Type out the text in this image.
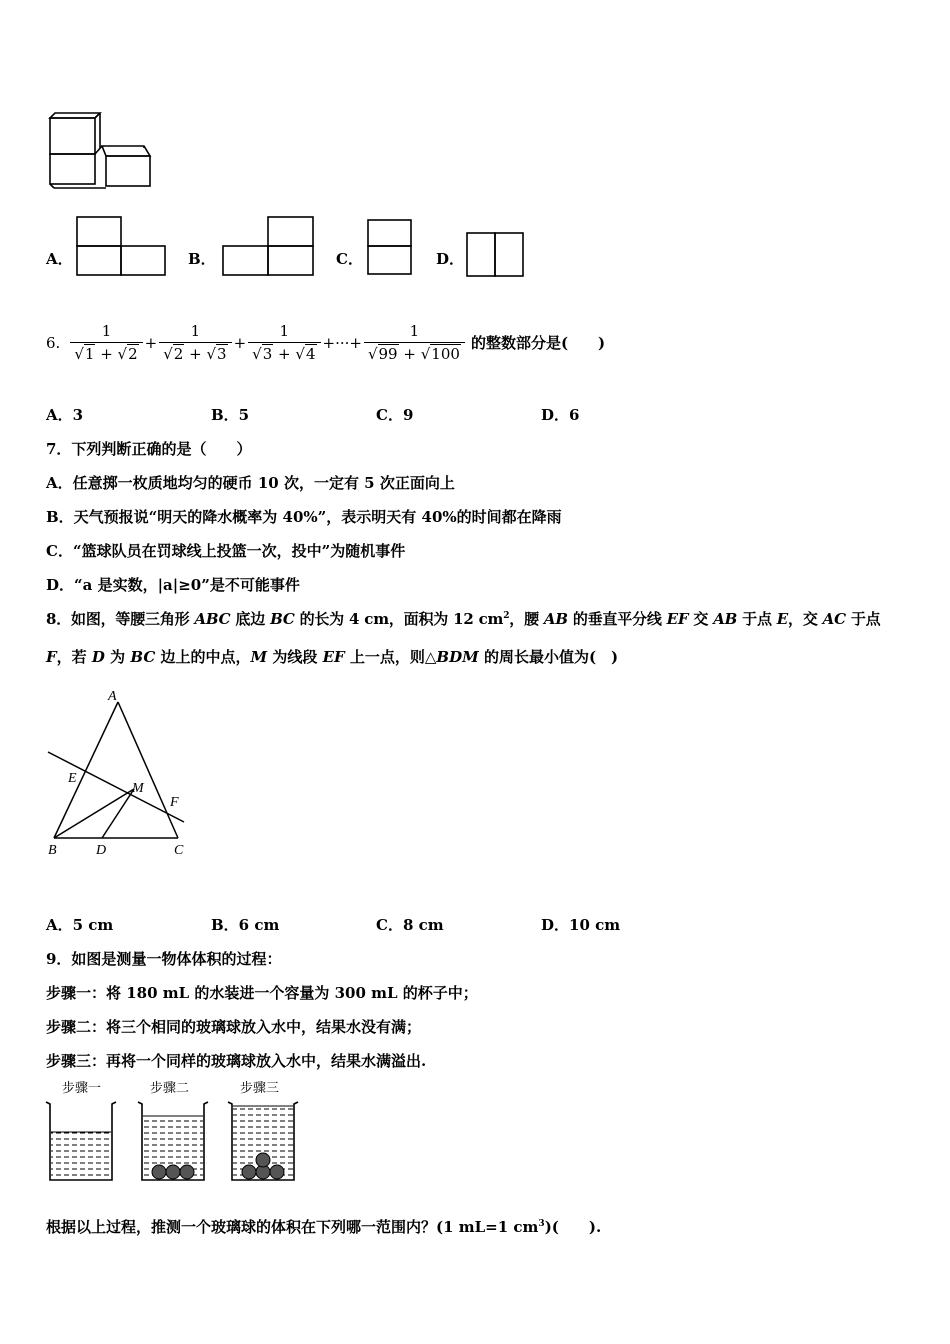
A．	B．	C．	D．
6. $\frac{1}{√1 + √2} + \frac{1}{√2 + √3} + \frac{1}{√3 + √4}$ +···+ $\frac{1}{√99 + √100}$ 的整数部分是(　　)
A．3	B．5	C．9	D．6
7．下列判断正确的是（　　）
A．任意掷一枚质地均匀的硬币 10 次，一定有 5 次正面向上
B．天气预报说“明天的降水概率为 40%”，表示明天有 40%的时间都在降雨
C．“篮球队员在罚球线上投篮一次，投中”为随机事件
D．“a 是实数，|a|≥0”是不可能事件
8．如图，等腰三角形 ABC 底边 BC 的长为 4 cm，面积为 12 $cm^2$，腰 AB 的垂直平分线 EF 交 AB 于点 E，交 AC 于点
F，若 D 为 BC 边上的中点，M 为线段 EF 上一点，则△BDM 的周长最小值为(　)
A
E
M
F
B	D	C
A．5 cm	B．6 cm	C．8 cm	D．10 cm
9．如图是测量一物体体积的过程：
步骤一：将 180 mL 的水装进一个容量为 300 mL 的杯子中；
步骤二：将三个相同的玻璃球放入水中，结果水没有满；
步骤三：再将一个同样的玻璃球放入水中，结果水满溢出.
步骤一	步骤二	步骤三
根据以上过程，推测一个玻璃球的体积在下列哪一范围内？(1 mL=1 $cm^3$)(　　).
